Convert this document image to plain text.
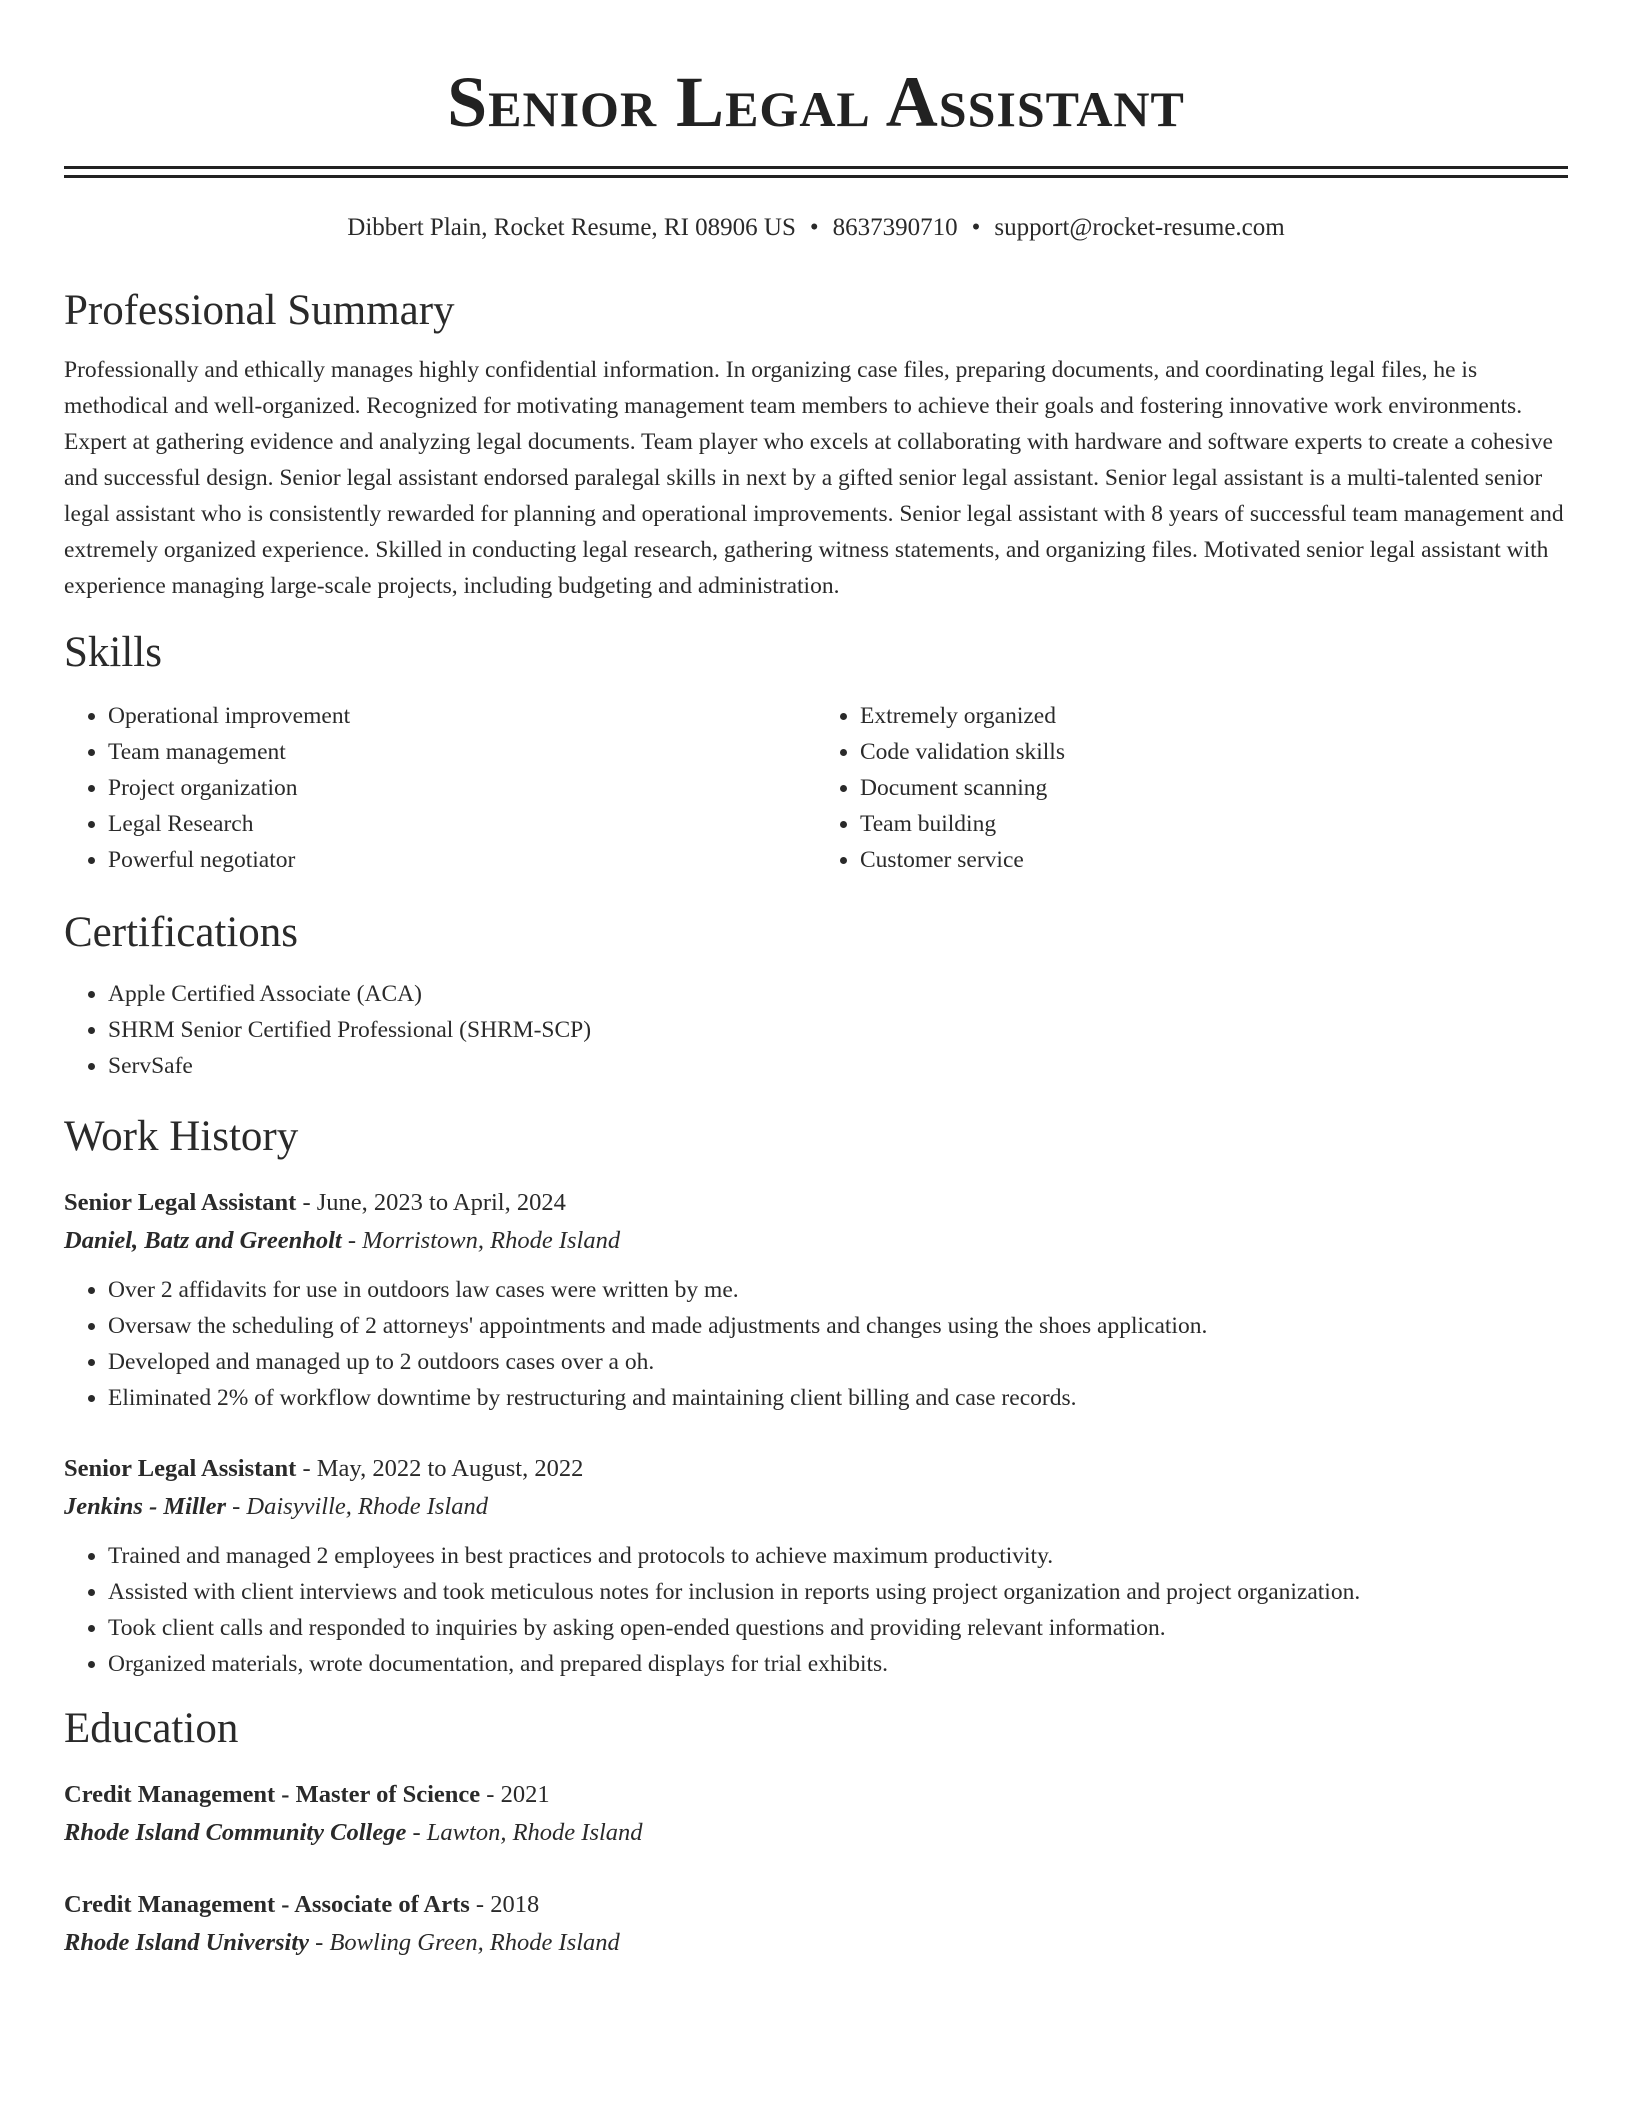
Senior Legal Assistant
Dibbert Plain, Rocket Resume, RI 08906 US • 8637390710 • support@rocket-resume.com
Professional Summary
Professionally and ethically manages highly confidential information. In organizing case files, preparing documents, and coordinating legal files, he is methodical and well-organized. Recognized for motivating management team members to achieve their goals and fostering innovative work environments. Expert at gathering evidence and analyzing legal documents. Team player who excels at collaborating with hardware and software experts to create a cohesive and successful design. Senior legal assistant endorsed paralegal skills in next by a gifted senior legal assistant. Senior legal assistant is a multi-talented senior legal assistant who is consistently rewarded for planning and operational improvements. Senior legal assistant with 8 years of successful team management and extremely organized experience. Skilled in conducting legal research, gathering witness statements, and organizing files. Motivated senior legal assistant with experience managing large-scale projects, including budgeting and administration.
Skills
• Operational improvement
• Team management
• Project organization
• Legal Research
• Powerful negotiator
• Extremely organized
• Code validation skills
• Document scanning
• Team building
• Customer service
Certifications
• Apple Certified Associate (ACA)
• SHRM Senior Certified Professional (SHRM-SCP)
• ServSafe
Work History
Senior Legal Assistant - June, 2023 to April, 2024
Daniel, Batz and Greenholt - Morristown, Rhode Island
• Over 2 affidavits for use in outdoors law cases were written by me.
• Oversaw the scheduling of 2 attorneys' appointments and made adjustments and changes using the shoes application.
• Developed and managed up to 2 outdoors cases over a oh.
• Eliminated 2% of workflow downtime by restructuring and maintaining client billing and case records.
Senior Legal Assistant - May, 2022 to August, 2022
Jenkins - Miller - Daisyville, Rhode Island
• Trained and managed 2 employees in best practices and protocols to achieve maximum productivity.
• Assisted with client interviews and took meticulous notes for inclusion in reports using project organization and project organization.
• Took client calls and responded to inquiries by asking open-ended questions and providing relevant information.
• Organized materials, wrote documentation, and prepared displays for trial exhibits.
Education
Credit Management - Master of Science - 2021
Rhode Island Community College - Lawton, Rhode Island
Credit Management - Associate of Arts - 2018
Rhode Island University - Bowling Green, Rhode Island
